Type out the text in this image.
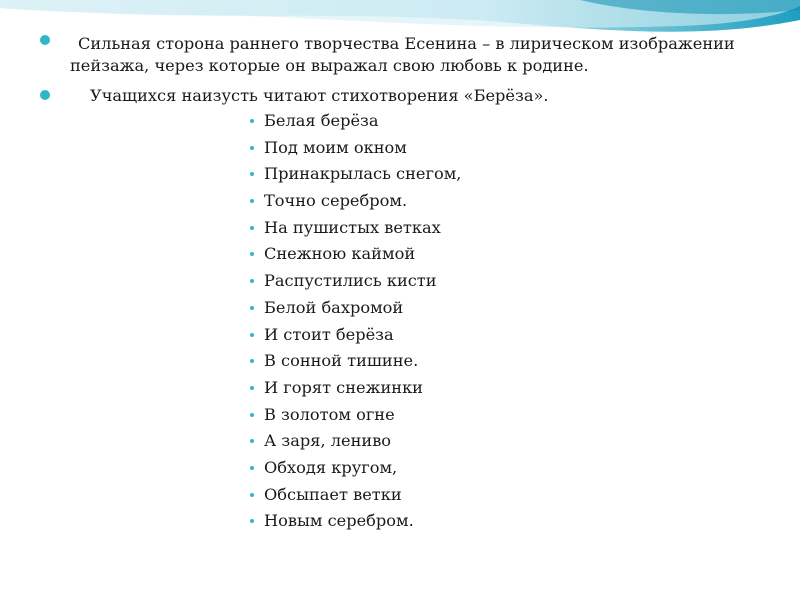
Сильная сторона раннего творчества Есенина – в лирическом изображении пейзажа, через которые он выражал свою любовь к родине.
Учащихся наизусть читают стихотворения «Берёза».
Белая берёза
Под моим окном
Принакрылась снегом,
Точно серебром.
На пушистых ветках
Снежною каймой
Распустились кисти
Белой бахромой
И стоит берёза
В сонной тишине.
И горят снежинки
В золотом огне
А заря, лениво
Обходя кругом,
Обсыпает ветки
Новым серебром.
